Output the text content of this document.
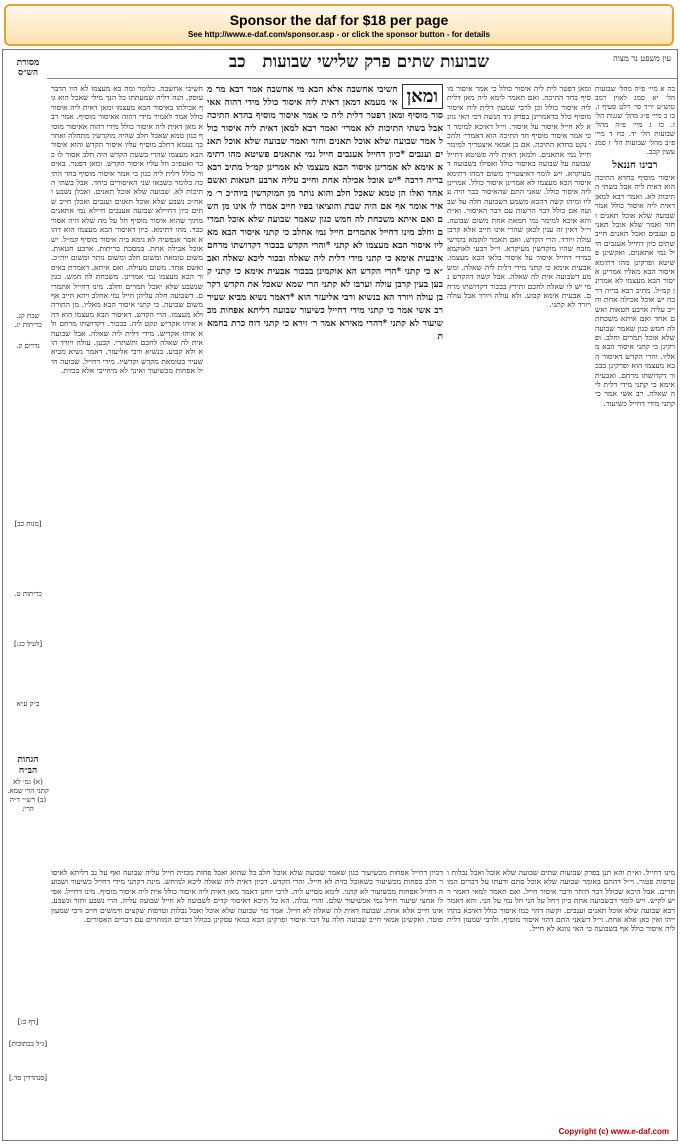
Sponsor the daf for $18 per page
See http://www.e-daf.com/sponsor.asp - or click the sponsor button - for details
שבועות שתים פרק שלישי שבועות
כב	עין משפט נר מצוה
מסורת הש״ס
חשיבי אחשבה. כלומר ומה בא מעצמו לא היו הדבר עוסק. הנה דליה שמעתתו כל הנך מילי שאכל הוא גוף אכילתו באיסור הבא מעצמו ומאן דאית ליה איסור כולל אמר לאמיר מידי דהוה אאיסור מוסיף. אמר רבא מאן דאית ליה איסור כולל מידי דהוה אאיסור מוסיף כגון טמא שאכל חלב שהיה מוקדשין מתחלה ואחר כך נטמא דחלב מוסיף עליו איסור הקדש והוא איסור הבא מעצמו שהרי בשעת הקדש היה חלב אסור לו כבר ואעפ״כ חל עליו איסור הקדש. ומאן דפטר. באיסור כולל דלית ליה כגון כי אמר איסור מוסיף בחד התיכה כלומר כשבאו שני האיסורים ביחד. אבל בשתי התיכות לא. שבועה שלא אוכל תאנים. ואכלן נשבע ואח״כ נשבע שלא אוכל תאנים וענבים ואכלן חייב שתים כיון דחיילא שבועה אענבים חיילא נמי אתאנים מתוך שהוא איסור מוסיף חל על מה שלא היה אסור כבר. מהו דתימא. כיון דאיסור הבא מעצמו הוא דהוא אסר אנפשיה לא נימא ביה איסור מוסיף קמ״ל. יש אוכל אכילה אחת. במסכת כריתות. ארבע חטאות. משום טומאה ומשום חלב ומשום נותר ומשום יוה״כ. ואשם אחד. משום מעילה. ואם איתא. דאמרת באיסור הבא מעצמו נמי אמרינן. משכחת לה חמש. כגון שנשבע שלא יאכל תמרים וחלב. מינו דחייל אתמרים. דשבועה חלה עליהן חייל נמי אחלב ויהא חייב אף משום שבועה. כי קתני איסור הבא מאליו. מן התורה ולא מעצמו. הרי הקדש. דאיסור הבא מעצמו הוא דהא איהו אקדיש ונקט ליה. בבכור. דקדושתו מרחם ולא איהו אקדיש. מידי דלית ליה שאלה. אבל שבועה אית לה שאלה לחכם ותשתרי. קבען. עולה ויורד הוא ולא קבוע. בנשיא ורבי אליעזר. דאמר נשיא מביא שעיר בטומאת מקדש וקדשיו. מידי דחייל. שבועה חייל אפחות מכשיעור ואינך לא מיחייבי אלא בכזית.
ומאן
חשיבי אחשבה אלא הבא מי אחשבה אמר רבא מר מאי מעמא דמאן דאית ליה איסור כולל מידי דהוה אאיסור מוסיף ומאן דפטר דלית ליה כי אמר איסור מוסיף בהדא התיכה אבל בשתי התיכות לא אמרי׳ ואמר רבא למאן דאית ליה איסור כולל אמר שבועה שלא אוכל תאנים וחזר ואמר שבועה שלא אוכל תאנים וענבים *כיון דחייל אענבים חייל נמי אתאנים פשיטא מהו דתימא אימא לא אמרינן איסור הבא מעצמו לא אמרינן קמ״ל מתיב רבא בריה דרבה *יש אוכל אכילה אחת וחייב עליה ארבע חטאות ואשם אחד ואלו הן טמא שאכל חלב והוא נותר מן המוקדשין ביוה״כ ר׳ מאיר אומר אף אם היה שבת והוציאו בפיו חייב אמרו לו אינו מן השם ואם איתא משכחת לה חמש כגון שאמר שבועה שלא אוכל תמרים וחלב מינו דחייל אתמרים חייל נמי אחלב כי קתני איסור הבא מאליו איסור הבא מעצמו לא קתני *והרי הקדש בבכור דקדושתו מרחם איבעית אימא כי קתני מידי דלית ליה שאלה ובכור ליכא שאלה ואב״א כי קתני *הרי הקדש הא אוקמינן בבכור אבעית אימא כי קתני קבען בעין קרבן עולה וערבו לא קתני הרי שמא שאכל את הקדש דקרבן עולה ויורד הא בנשיא ורבי אליעזר הוא *דאמר נשיא מביא שעיר רב אשי אמר כי קתני מידי דחייל כשיעור שבועה דליתא אפחות מכשיעור לא קתני *דהרי מאירא אמר ר׳ זירא כי קתני דוה כרת בחמאת
ומאן דפטר לית ליה איסור כולל כי אמר איסור מוסיף בחד התיכה. ואם תאמר לימא ליה מאן דלית ליה איסור כולל וכן לרבי שמעון דלית ליה איסור מוסיף כלל כדאמרינן בפרק גיד הנשה דכי האי גוונא לא חייל איסור על איסור. וי״ל דאיכא למימר דכי אמר איסור מוסיף חד התיכה הוא דאמרי׳ ולהכי נקט בחדא התיכה. אם כן אמאי איצטריך למימר חייל נמי אתאנים. ולמאן דאית ליה פשיטא דחייל שבועה על שבועה באיסור כולל ואפילו בשבועה דמעיקרא. ויש לומר דאיצטריך משום דמהו דתימא איסור הבא מעצמו לא אמרינן איסור כולל. אמרינן ליה איסור כולל. שאני התם שהאיסור כבר היה עליו ומיהו קשה דהכא משמע דשבועה חלה על שבועה אם כולל דבר הרשות עם דבר האיסור. וא״ת והא איכא למימר נמי חמאת אחת משום שבועה. וי״ל דאין זה ענין לכאן שהרי אינו חייב אלא קרבן עולה ויורד. הרי הקדש. ואם תאמר לוקמא בקדשי מזבח שהיו מוקדשין מעיקרא. וי״ל דבעי לאוקמא במידי דחייל איסור על איסור בלאו הבא מעצמו. אבעית אימא כי קתני מידי דלית ליה שאלה. ומשמע דשבועה אית לה שאלה. אבל קשה דהקדש נמי יש לו שאלה לחכם ותירץ בבכור דקדושתו מרחם. אבעית אימא קבוע. ולא עולה ויורד אבל עולה ויורד לא קתני.
כה א מיי׳ פ״ה מהל׳ שבועות הל׳ יא סמג לאוין רמב טוש״ע יו״ד סי׳ רלט סעיף ז. כו ב מיי׳ פ״ג מהל׳ שגגות הל׳ ז. כז ג מיי׳ פ״ה מהל׳ שבועות הל׳ יד. כח ד מיי׳ פ״ב מהל׳ שבועות הל׳ ז סמג עשין קכב.
רבינו חננאל
איסור מוסיף בחדא התיכה הוא דאית ליה אבל בשתי התיכות לא. ואמר רבא למאן דאית ליה איסור כולל אמר שבועה שלא אוכל תאנים וחזר ואמר שלא אוכל תאנים וענבים ואכל תאנים חייב שתים כיון דחייל אענבים חייל נמי אתאנים. ואקשינן פשיטא ופרקינן מהו דתימא איסור הבא מאליו אמרינן איסור הבא מעצמו לא אמרינן קמ״ל. מתיב רבא בריה דרבה יש אוכל אכילה אחת וחייב עליה ארבע חטאות ואשם אחד ואם איתא משכחת לה חמש כגון שאמר שבועה שלא אוכל תמרים וחלב. ופרקינן כי קתני איסור הבא מאליו. והרי הקדש דאיסור הבא מעצמו הוא ופרקינן בבכור דקדושתו מרחם. ואבעית אימא כי קתני מידי דלית ליה שאלה. רב אשי אמר כי קתני מידי דחייל כשיעור.
דכיון דחייל אפחות מכשיעור כגון שאמר שבועה שלא אוכל חלב כל שהוא ואכל פחות מכזית חייל עליה שבועה ואף על גב דליתא לאיסור חלב בפחות מכשיעור כשאוכל כזית לא חייל. והרי הקדש. דכיון דאית ליה שאלה ליכא למיחש. מינה דקתני מידי דחייל כשיעור ושבועה דחייל אפחות מכשיעור לא קתני. לימא מסייע ליה. לרבי יוחנן דאמר מאן דאית ליה איסור כולל אית ליה איסור מוסיף. מינו דחייל. אפילו אחצי שיעור חייל נמי אכשיעור שלם. והרי נבלה. הא כל היכא דאיסור קדים לשבועה לא חייל שבועה עליה. הרי נשבע וחזר ונשבע. אינו חייב אלא אחת. שבועה דאית לה שאלה לא חייל. אמר מר שבועה שלא אוכל ואכל נבלות וטרפות שקצים ורמשים חייב ורבי שמעון פוטר. ואקשינן אמאי חייב שבועה חלה על דבר איסור ופרקינן הכא במאי עסקינן בכולל דברים המותרים עם דברים האסורים.
מינו דחייל. וא״ת והא תנן בפרק שבועות שתים שבועה שלא אוכל ואכל נבלות וטרפות פטור. וי״ל דהתם באומר שבועה שלא אוכל סתם ודעתו על דברים המותרים. אבל היכא שכולל דבר היתר ודבר איסור חייל. ואם תאמר למאי דאמר ריש לקיש. ויש לומר דבשבועה אחת כיון דחל על הני חל נמי על הני. והא דאמר רבא שבועה שלא אוכל תאנים וענבים. וקשה דהוי כמו איסור כולל דאיכא בתרוייהו ואין כאן אלא אחת. וי״ל דשאני התם דהוי איסור מוסיף. ולרבי שמעון דלית ליה איסור כולל אף בשבועה כי האי גוונא לא חייל.
שבת קנ. כריתות יג.
נדרים ק.
[מנות כב]
כריתות ט.
[לעיל כג:]
ב״ק ע״א
הגהות הב״ח
(א) גמ׳ לא קתני הרי שמא. (ב) רש״י ד״ה הרי:
[דף כ:]
[ג״ל בכתובות]
[סנהדרין סד.]
Copyright (c) www.e-daf.com
